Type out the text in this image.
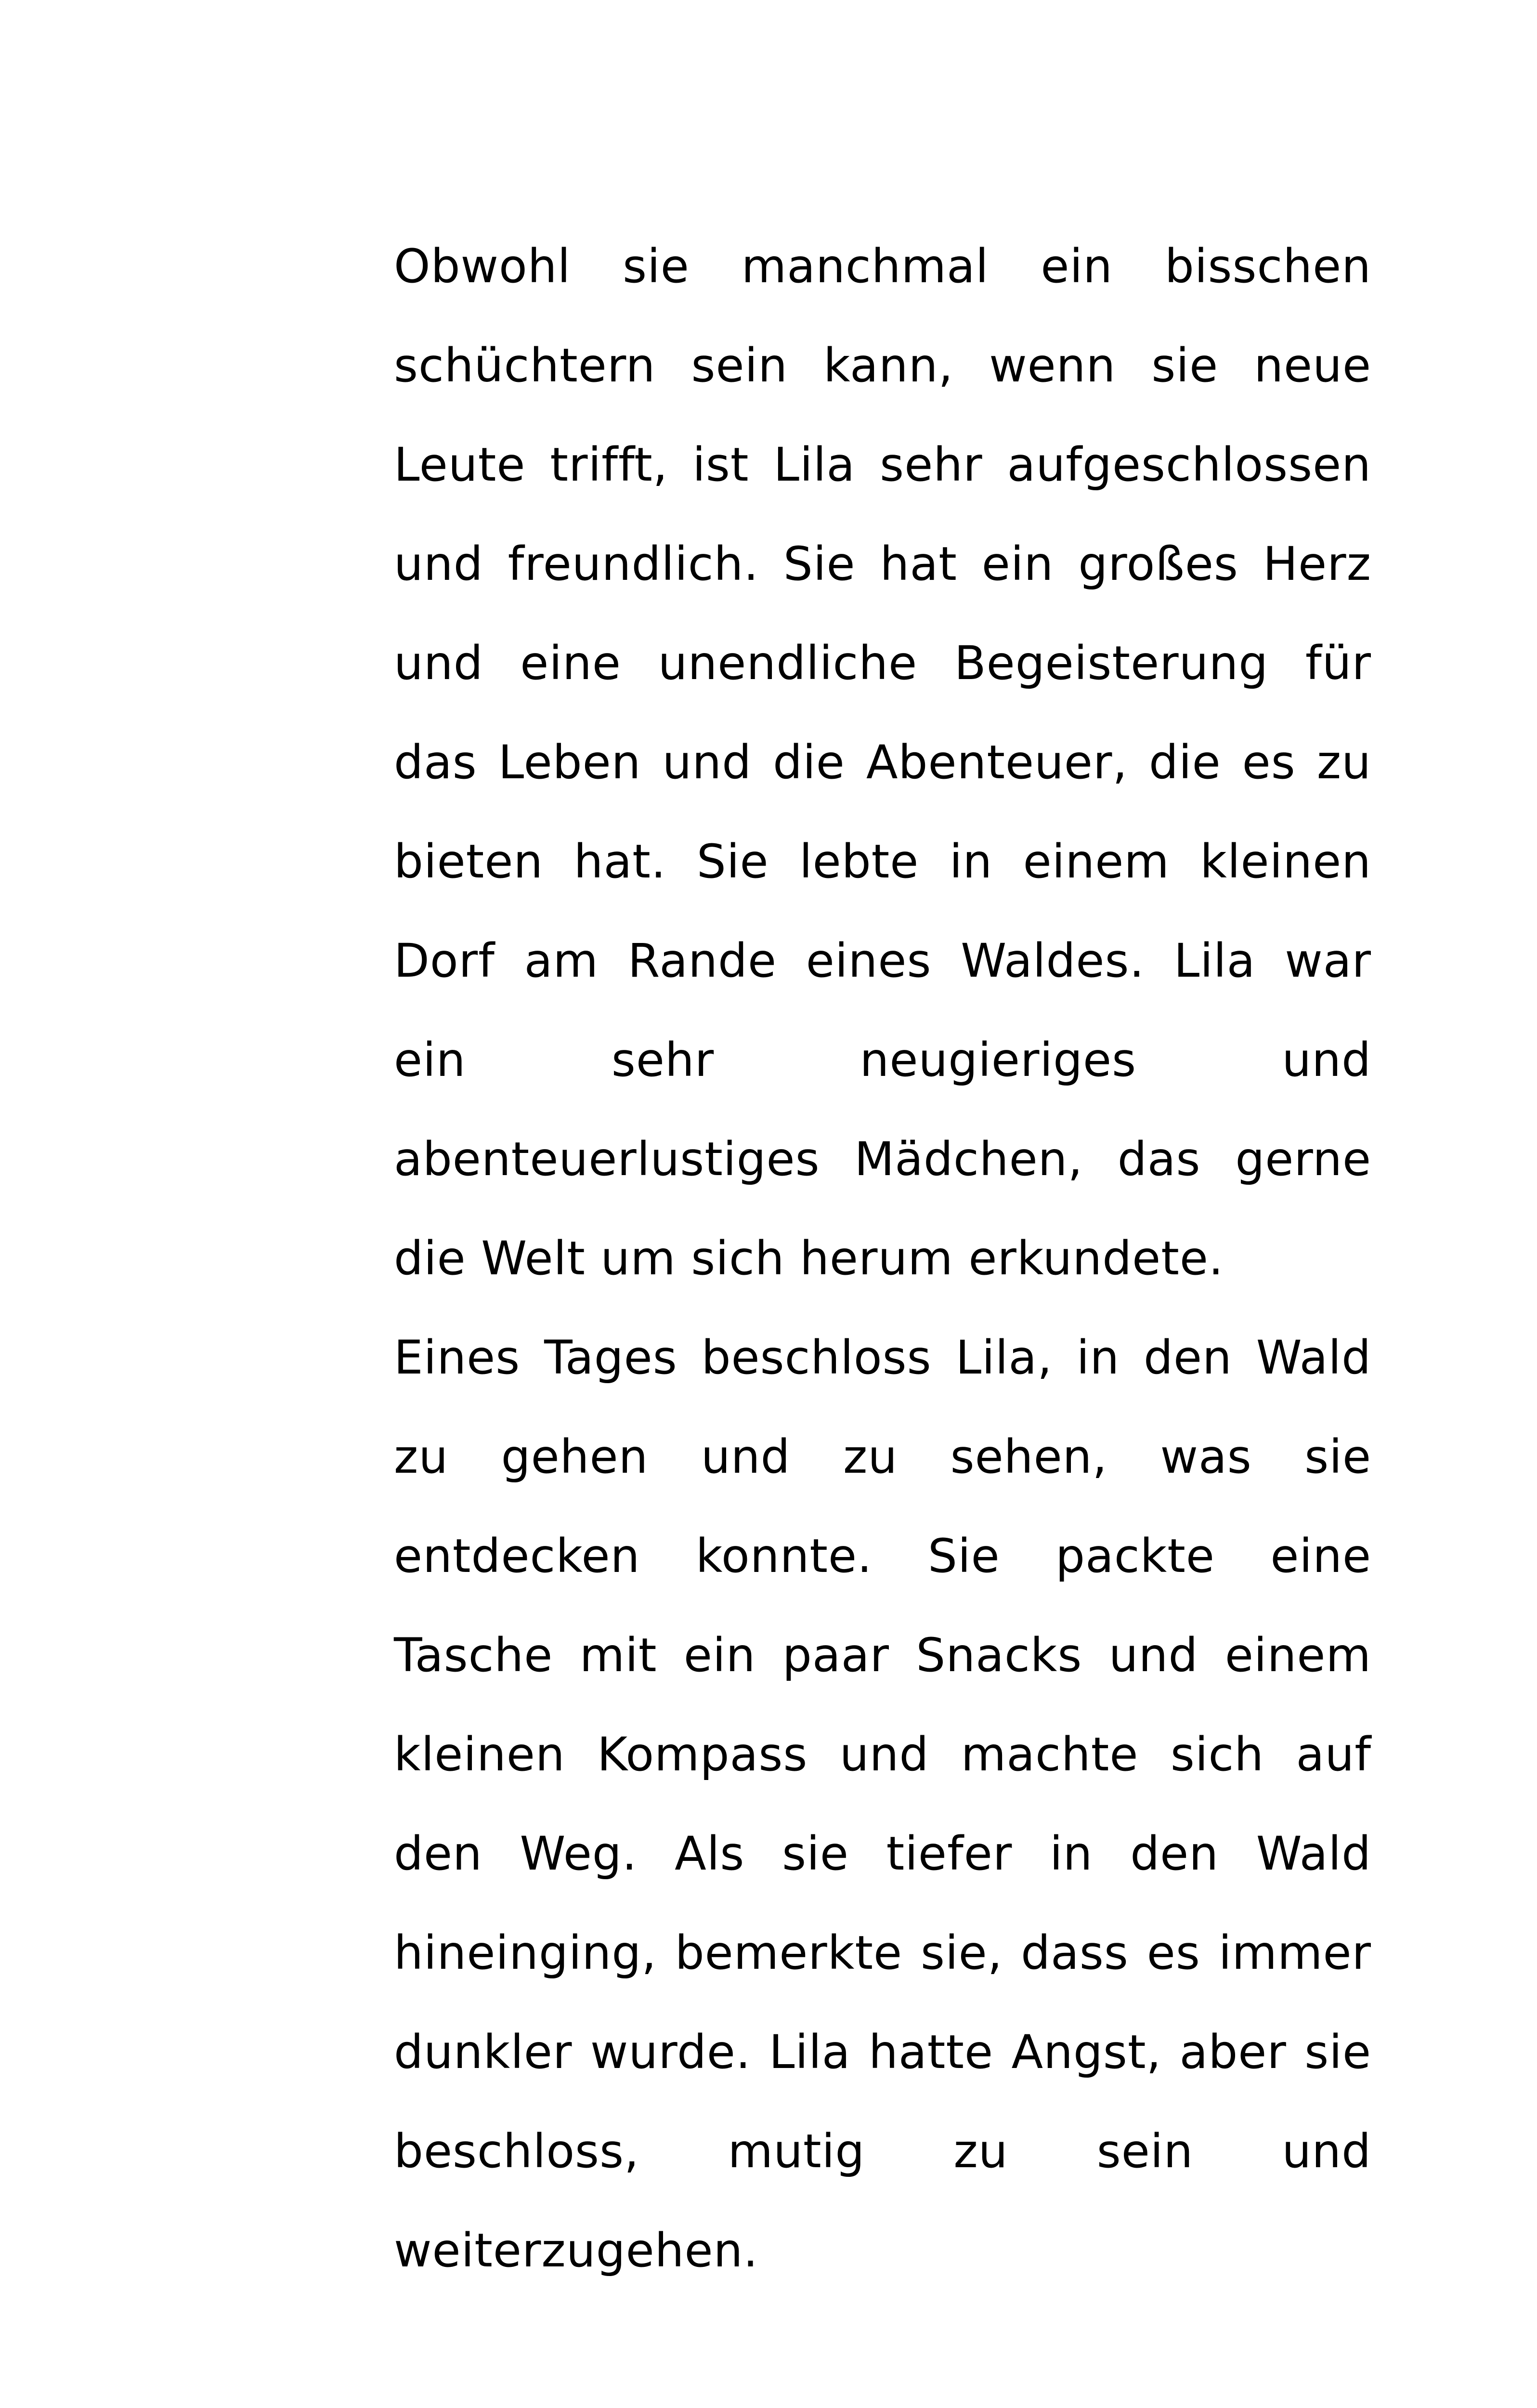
Obwohl sie manchmal ein bisschen schüchtern sein kann, wenn sie neue Leute trifft, ist Lila sehr aufgeschlossen und freundlich. Sie hat ein großes Herz und eine unendliche Begeisterung für das Leben und die Abenteuer, die es zu bieten hat. Sie lebte in einem kleinen Dorf am Rande eines Waldes. Lila war ein sehr neugieriges und abenteuerlustiges Mädchen, das gerne die Welt um sich herum erkundete.

Eines Tages beschloss Lila, in den Wald zu gehen und zu sehen, was sie entdecken konnte. Sie packte eine Tasche mit ein paar Snacks und einem kleinen Kompass und machte sich auf den Weg. Als sie tiefer in den Wald hineinging, bemerkte sie, dass es immer dunkler wurde. Lila hatte Angst, aber sie beschloss, mutig zu sein und weiterzugehen.
